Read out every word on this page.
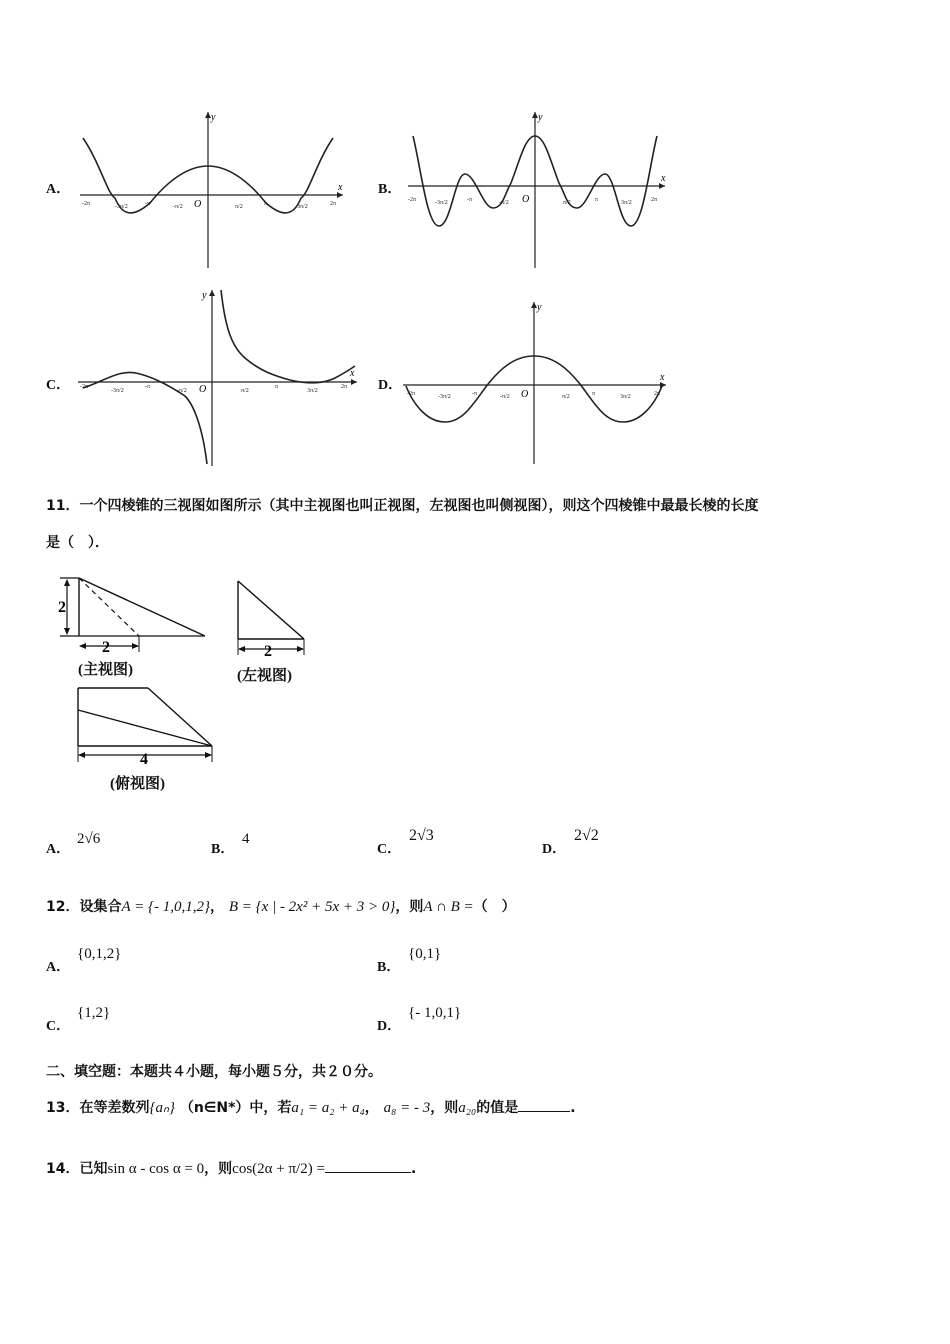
A．	B．
C．	D．
-2π	-3π/2	-π	-π/2	π/2	π	3π/2	2π
y
x
O	-2π	-3π/2	-π	-π/2	π/2	π	3π/2	2π
y
x
O
-2π
-3π/2
-π
-π/2	π/2
π
3π/2
2π
y
x
O	-2π	-3π/2	-π	-π/2	π/2	π	3π/2	2π
y
x
O
11．一个四棱锥的三视图如图所示（其中主视图也叫正视图，左视图也叫侧视图），则这个四棱锥中最最长棱的长度
是（　）．
2
2
(主视图)
2
(左视图)
4
(俯视图)
A．
2√6
B．
4
C．
2√3
D．
2√2
12．设集合A = {- 1,0,1,2}， B = {x | - 2x² + 5x + 3 > 0}，则A ∩ B =（　）
A．
{0,1,2}
B．
{0,1}
C．
{1,2}
D．
{- 1,0,1}
二、填空题：本题共４小题，每小题５分，共２０分。
13．在等差数列{aₙ} （n∈N*）中，若a₁ = a₂ + a₄， a₈ = - 3，则a₂₀的值是	.
14．已知sin α - cos α = 0，则cos(2α + π/2) =	.
